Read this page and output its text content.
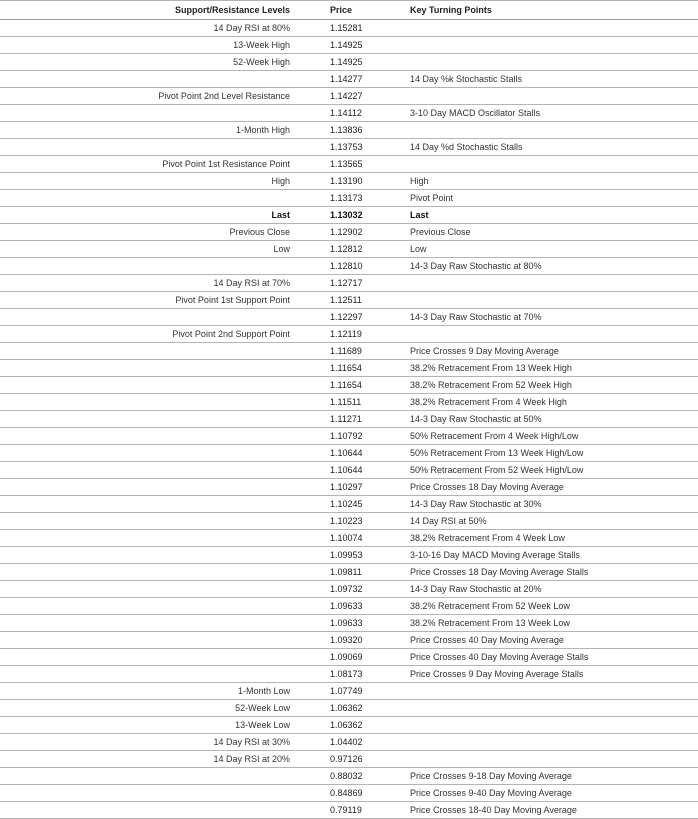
Support/Resistance Levels	Price	Key Turning Points
14 Day RSI at 80%	1.15281	
13-Week High	1.14925	
52-Week High	1.14925	
	1.14277	14 Day %k Stochastic Stalls
Pivot Point 2nd Level Resistance	1.14227	
	1.14112	3-10 Day MACD Oscillator Stalls
1-Month High	1.13836	
	1.13753	14 Day %d Stochastic Stalls
Pivot Point 1st Resistance Point	1.13565	
High	1.13190	High
	1.13173	Pivot Point
Last	1.13032	Last
Previous Close	1.12902	Previous Close
Low	1.12812	Low
	1.12810	14-3 Day Raw Stochastic at 80%
14 Day RSI at 70%	1.12717	
Pivot Point 1st Support Point	1.12511	
	1.12297	14-3 Day Raw Stochastic at 70%
Pivot Point 2nd Support Point	1.12119	
	1.11689	Price Crosses 9 Day Moving Average
	1.11654	38.2% Retracement From 13 Week High
	1.11654	38.2% Retracement From 52 Week High
	1.11511	38.2% Retracement From 4 Week High
	1.11271	14-3 Day Raw Stochastic at 50%
	1.10792	50% Retracement From 4 Week High/Low
	1.10644	50% Retracement From 13 Week High/Low
	1.10644	50% Retracement From 52 Week High/Low
	1.10297	Price Crosses 18 Day Moving Average
	1.10245	14-3 Day Raw Stochastic at 30%
	1.10223	14 Day RSI at 50%
	1.10074	38.2% Retracement From 4 Week Low
	1.09953	3-10-16 Day MACD Moving Average Stalls
	1.09811	Price Crosses 18 Day Moving Average Stalls
	1.09732	14-3 Day Raw Stochastic at 20%
	1.09633	38.2% Retracement From 52 Week Low
	1.09633	38.2% Retracement From 13 Week Low
	1.09320	Price Crosses 40 Day Moving Average
	1.09069	Price Crosses 40 Day Moving Average Stalls
	1.08173	Price Crosses 9 Day Moving Average Stalls
1-Month Low	1.07749	
52-Week Low	1.06362	
13-Week Low	1.06362	
14 Day RSI at 30%	1.04402	
14 Day RSI at 20%	0.97126	
	0.88032	Price Crosses 9-18 Day Moving Average
	0.84869	Price Crosses 9-40 Day Moving Average
	0.79119	Price Crosses 18-40 Day Moving Average
